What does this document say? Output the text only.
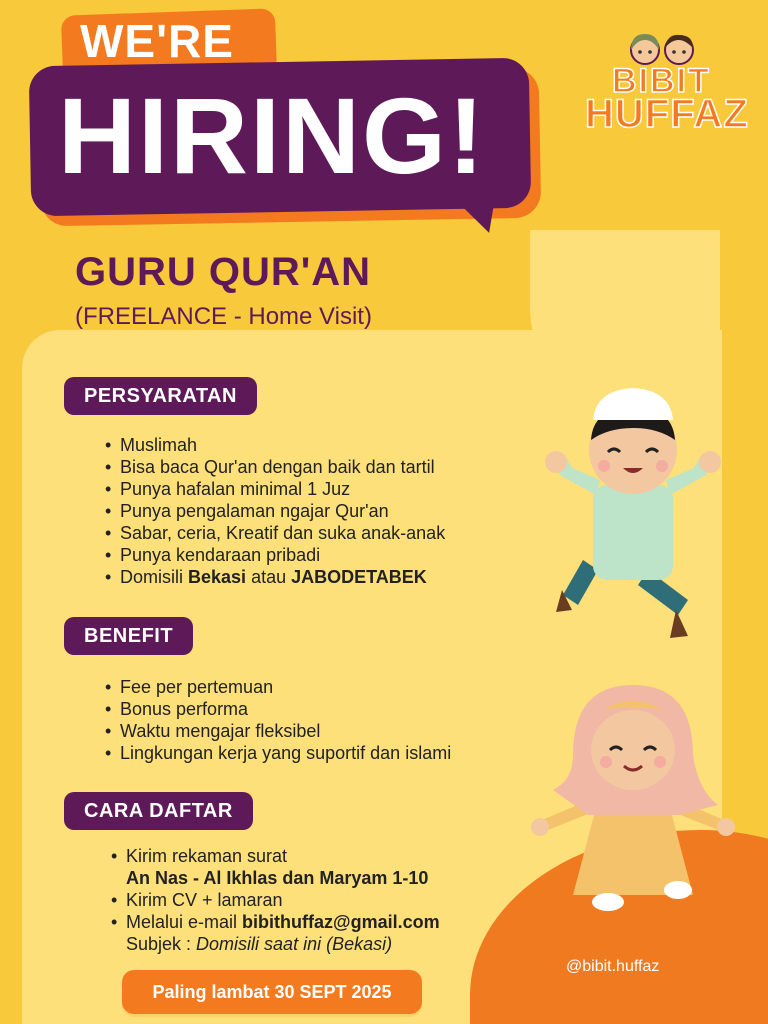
WE'RE
HIRING!	BIBIT
HUFFAZ
GURU QUR'AN
(FREELANCE - Home Visit)
PERSYARATAN
• Muslimah
• Bisa baca Qur'an dengan baik dan tartil
• Punya hafalan minimal 1 Juz
• Punya pengalaman ngajar Qur'an
• Sabar, ceria, Kreatif dan suka anak-anak
• Punya kendaraan pribadi
• Domisili Bekasi atau JABODETABEK
BENEFIT
• Fee per pertemuan
• Bonus performa
• Waktu mengajar fleksibel
• Lingkungan kerja yang suportif dan islami
CARA DAFTAR
• Kirim rekaman surat
An Nas - Al Ikhlas dan Maryam 1-10
• Kirim CV + lamaran
• Melalui e-mail bibithuffaz@gmail.com
Subjek : Domisili saat ini (Bekasi)
Paling lambat 30 SEPT 2025
@bibit.huffaz
